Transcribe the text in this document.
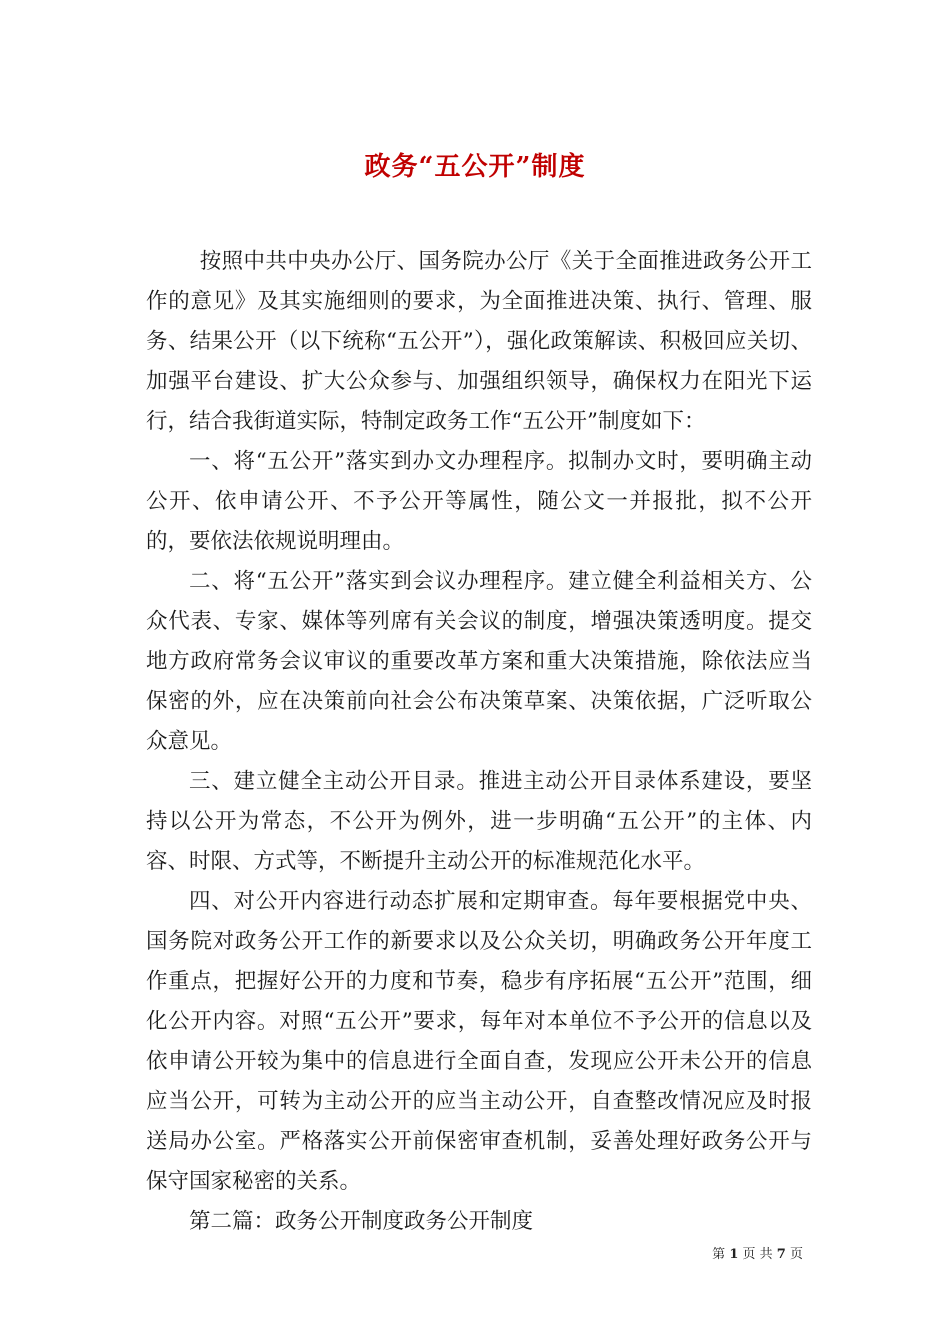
政务“五公开”制度

按照中共中央办公厅、国务院办公厅《关于全面推进政务公开工作的意见》及其实施细则的要求，为全面推进决策、执行、管理、服务、结果公开（以下统称“五公开”），强化政策解读、积极回应关切、加强平台建设、扩大公众参与、加强组织领导，确保权力在阳光下运行，结合我街道实际，特制定政务工作“五公开”制度如下：

一、将“五公开”落实到办文办理程序。拟制办文时，要明确主动公开、依申请公开、不予公开等属性，随公文一并报批，拟不公开的，要依法依规说明理由。

二、将“五公开”落实到会议办理程序。建立健全利益相关方、公众代表、专家、媒体等列席有关会议的制度，增强决策透明度。提交地方政府常务会议审议的重要改革方案和重大决策措施，除依法应当保密的外，应在决策前向社会公布决策草案、决策依据，广泛听取公众意见。

三、建立健全主动公开目录。推进主动公开目录体系建设，要坚持以公开为常态，不公开为例外，进一步明确“五公开”的主体、内容、时限、方式等，不断提升主动公开的标准规范化水平。

四、对公开内容进行动态扩展和定期审查。每年要根据党中央、国务院对政务公开工作的新要求以及公众关切，明确政务公开年度工作重点，把握好公开的力度和节奏，稳步有序拓展“五公开”范围，细化公开内容。对照“五公开”要求，每年对本单位不予公开的信息以及依申请公开较为集中的信息进行全面自查，发现应公开未公开的信息应当公开，可转为主动公开的应当主动公开，自查整改情况应及时报送局办公室。严格落实公开前保密审查机制，妥善处理好政务公开与保守国家秘密的关系。

第二篇：政务公开制度政务公开制度

第 1 页 共 7 页
